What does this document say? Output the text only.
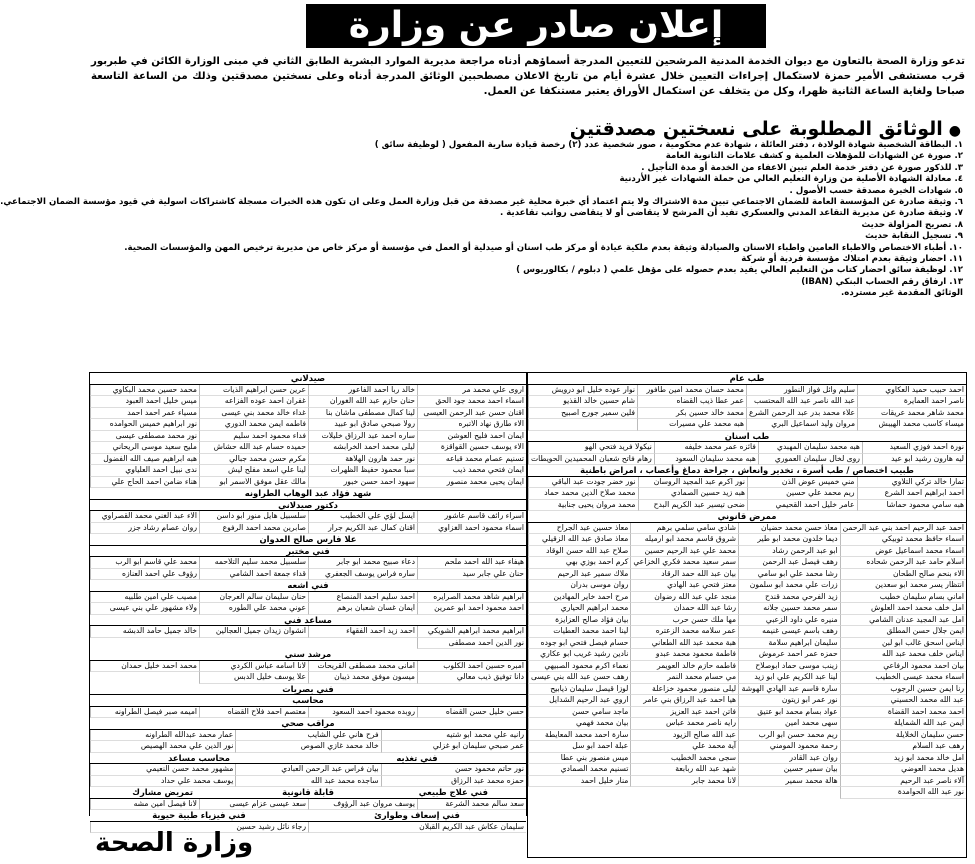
إعلان صادر عن وزارة الصحة

تدعو وزارة الصحة بالتعاون مع ديوان الخدمة المدنية المرشحين للتعيين المدرجة أسماؤهم أدناه مراجعة مديرية الموارد البشرية الطابق الثاني في مبنى الوزارة الكائن في طبربور قرب مستشفى الأمير حمزة لاستكمال إجراءات التعيين خلال عشرة أيام من تاريخ الاعلان مصطحبين الوثائق المدرجة أدناه وعلى نسختين مصدقتين وذلك من الساعة التاسعة صباحا ولغاية الساعة الثانية ظهرا، وكل من يتخلف عن استكمال الأوراق يعتبر مستنكفا عن العمل.

●الوثائق المطلوبة على نسختين مصدقتين
١. البطاقة الشخصية شهادة الولادة ، دفتر العائلة ، شهادة عدم محكومية ، صور شخصية عدد (٢) رخصة قيادة سارية المفعول ( لوظيفة سائق )
٢. صورة عن الشهادات للمؤهلات العلمية و كشف علامات الثانوية العامة
٣. للذكور صورة عن دفتر خدمة العلم تبين الاعفاء من الخدمة أو مدة التأجيل .
٤. معادلة الشهادة الأصلية من وزارة التعليم العالي من حملة الشهادات غير الأردنية
٥. شهادات الخبرة مصدقة حسب الأصول .
٦. وثيقة صادرة عن المؤسسة العامة للضمان الاجتماعي تبين مدة الاشتراك ولا يتم اعتماد أي خبرة محلية غير مصدقة من قبل وزارة العمل وعلى ان تكون هذه الخبرات مسجلة كاشتراكات اسولية في قيود مؤسسة الضمان الاجتماعي.
٧. وثيقة صادرة عن مديرية التقاعد المدني والعسكري تفيد أن المرشح لا يتقاضى أو لا يتقاضى رواتب تقاعدية .
٨. تصريح المزاولة حديث
٩. تسجيل النقابة حديث
١٠. أطباء الاختصاص والاطباء العامين واطباء الاسنان والصيادلة وثيقة بعدم ملكية عيادة أو مركز طب اسنان أو صيدلية أو العمل في مؤسسة أو مركز خاص من مديرية ترخيص المهن والمؤسسات الصحية.
١١. احضار وثيقة بعدم امتلاك مؤسسة فردية أو شركة
١٢. لوظيفة سائق احضار كتاب من التعليم العالي يفيد بعدم حصوله على مؤهل علمي ( دبلوم / بكالوريوس )
١٣. ارفاق رقم الحساب البنكي (IBAN)
الوثائق المقدمة غير مسترده.
طب عام
احمد حبيب حميد العكاوي
سليم وائل فواز النطور
محمد حسان محمد امين طافور
نوار عوده خليل ابو درويش
ناصر احمد العمايرة
عبد الله ناصر عبد الله المحتسب
عمر عطا ذيب القضاه
شام حسين خالد القذيو
محمد شاهر محمد عريقات
علاء محمد بدر عبد الرحمن الشرع
محمد خالد حسين بكر
فلين سمير جورج اصبيح
ميساء كاسب محمد الهيبش
مروان وليد اسماعيل البري
هبه محمد علي مسيرات
طب اسنان
نورة احمد فوزي السعيد
هبه محمد سليمان المهبدي
فائزه عمر محمد خليفه
نيكولا فريد فتحي الهو
ليه هارون رشيد ابو عيد
روى لخال سليمان العموري
هبه محمد سليمان السعود
رهام فاتح شعبان المحميدين الحويطات
طبيب اختصاص / طب أسرة ، تخدير وانعاش ، جراحة دماغ وأعصاب ، امراض باطنية
تمارا خالد تركي التلاوي
مني خميس عوض الذن
نور اكرم عبد المجيد الروسان
نور خضر جودت عبد الباقي
احمد ابراهيم احمد الشرع
ريم محمد علي حسين
هبه زيد حسين الصمادي
محمد صلاح الدين محمد حماد
هبه سامي محمود حماشا
عامر خليل احمد القحيمي
ضحى تيسير عبد الكريم البدح
محمد مروان يحيى جنابية
ممرض قانوني
احمد عبد الرحيم احمد بني عبد الرحمن
معاذ حسن محمد حضيان
شادي سامي سلمي برهم
معاذ حسين عبد الجراح
اسماء حافظ محمد ثوبيكي
ديما خلدون محمد ابو طير
شروق قاسم محمد ابو ارميله
معاذ صادق عبد الله الزقيلي
اسماء محمد اسماعيل عوض
ابو عبد الرحمن رشاد
محمد علي عبد الرحيم حسين
صلاح عبد الله حسن الوقاد
اسلام حامد عبد الرحمن شحاده
رهف فيصل عبد الرحمن
سمر سعيد محمد فكري الخزاعي
كرم احمد بوزي بهي
الاء بنحم صالح الطحان
رشا محمد علي ابو سامي
بيان عبد الله حمد الرقاد
ملاك سمير عبد الرحيم
انتظار يسر محمد ابو سعدين
زرات علي محمد ابو سلمون
معتز فتحي عبد الهادي
روان موسى بدران
اماني بسام سليمان خطيب
زيد الفرحي محمد قندح
منجد علي عبد الله رضوان
مرح احمد خاير المهادين
امل خلف محمد احمد العلوش
سمر محمد حسين جلانه
رشا عبد الله حمدان
محمد ابراهيم الحياري
امل عبد المجيد عدنان الشامي
منيره علي داود الزعبي
مها ملك حسن حرب
بيان فؤاد صالح العزايزة
ايمن جلال حسن المطلق
رهف باسم عيسى غنيمه
عمر سلامه محمد الزعتره
لينا احمد محمد العطيات
ايناس اسحق غالب ابو لبن
سليمان ابراهيم سلامة
هبة محمد عبد الله الطعاني
حسام فيصل فتحي ابو جوده
ايناس خلف محمد عبد الله
حمزه عمر احمد عرموش
فاطمة محمود محمد عبدو
نادين رشيد غريب ابو عكاري
بيان احمد محمود الرفاعي
زينب موسى حماد ابوصلاح
فاطمه حازم خالد العويمر
نعماء اكرم محمود الصبيهي
اسماء محمد عيسى الخطيب
لينا عبد الكريم علي ابو زيد
مي حسام محمد النمر
رهف حسن عبد الله بني عيسى
رنا ايمن حسين الرجوب
سارة قاسم عبد الهادي الهوشة
ليلى منصور محمود خزاعلة
لوزا قيصل سليمان ذيابيح
عبد الله محمد الحسيني
نور عمر ابو زيتون
هيا احمد عبد الرزاق بني عامر
اروي عبد الرحيم الشدايل
احمد محمد احمد القضاة
عواد بسام محمد ابو عتيق
فاتن احمد عبد العزيز
ماجد سامي حسن
ايمن عبد الله الشمايلة
سهى محمد امين
رايه ناصر محمد عباس
بيان محمد فهمي
حسن سليمان الخلايلة
ريم محمد حسن ابو الرب
عبد الله صالح الزيود
سارة احمد محمد المعايطة
رهف عبد السلام
رحمة محمود المومني
آية محمد علي
عبلة احمد ابو سل
امل خالد محمد ابو زيد
روان عبد القادر
سجى محمد الخطيب
ميس منصور بني عطا
هديل محمد العوضي
بيان سمير حسين
شهد عبد الله ربابعة
تسنيم محمد الصمادي
آلاء ناصر عبد الرحيم
هالة محمد سمير
لانا محمد جابر
منار خليل احمد
نور عبد الله الحوامدة
صيدلاني
اروى علي محمد مر
خالد ربا احمد الفاعور
عرين حسن ابراهيم الذيات
محمد حسين محمد البكاوي
اسماء احمد محمد جود الحق
حنان حازم عبد الله الغوران
غفران احمد عوده الفزاعه
ميس خليل احمد العبود
اقنان حسن عبد الرحمن العيسى
لينا كمال مصطفى ماشان بنا
غداء خالد محمد بني عيسى
مسياء عمر احمد احمد
الاء طارق نهاد الاتبره
رولا صبحي صادق ابو عبيد
فاطمه ايمن محمد الدوري
نور ابراهيم خميس الحوامده
ايمان احمد فليح العوشن
ساره احمد عبد الرزاق خليلات
فداء محمود احمد سليم
نور محمد مصطفى عيسى
الاء يوسف حسين القواقزة
ليلى محمد احمد الخرابشه
حميده حسام عبد الله حشاش
مليح سعيد موسى الريحاني
تسنيم عصام محمد قباعه
نور حمد هارون الهلاهة
مكرم حسن محمد جبالي
هبه ابراهيم صيف الله الفضول
ايمان فتحي محمد ذيب
سبا محمود حفيظ الظهرات
لينا علي اسعد مفلح ليش
ندى نبيل احمد العلياوي
ايمان يحيى محمد منصور
سهود احمد حسن خبور
مالك عقل موفق الاسمر ابو
هناء ضامن احمد الحاج علي
شهد فؤاد عبد الوهاب الطراونه
دكتور صيدلاني
اسراء رائف قاسم عاشور
ايسل لؤي علي الخطيب
سلسبيل هايل منور ابو داسن
الاء عبد الغني محمد القصراوي
اسماء محمود احمد الغزاوي
اقنان كمال عبد الكريم جرار
صابرين محمد احمد الرفوع
روان عصام رشاد جزر
علا فارس صالح العدوان
فني مختبر
هيفاء عبد الله احمد ملحم
دعاء صبيح محمد ابو جابر
سلسبيل محمد سليم التلاحمه
محمد علي قاسم ابو الرب
حنان علي جابر سيد
ساره فراس يوسف الجعفري
قداء جمعة احمد الشامي
رؤوف علي احمد العنازه
فني اشعه
ابراهيم شاهد محمد الصرايره
احمد سليم احمد المنصاع
حنان سليمان سالم العرجان
مصيب علي امين طلبيه
احمد محمود احمد ابو عمرين
ايمان غسان شعبان برهم
عوني محمد علي الطوره
ولاء مشهور علي بني عيسى
مساعد فني
ابراهيم محمد ابراهيم الشويكي
احمد زيد احمد الفقهاء
انشوان زيدان جميل العجالين
خالد جميل حامد الدبشه
نور الدين احمد مصطفى
مرشد سني
امبره حسين احمد الكلوب
امانى محمد مصطفى القريحات
لانا اسامه عباس الكردي
محمد احمد خليل حمدان
دانا توفيق ذيب معالي
ميسون موفق محمد ذيبان
علا يوسف خليل الدبس
فني بصريات
محاسب
حسن خليل حسن القضاه
روبده محمود احمد السعود
معتصم احمد فلاح القضاه
اميمه صبر فيصل الطراونه
مراقب صحي
رانيه علي محمد ابو شتيه
فرح هاني علي الشايب
عمار محمد عبدالله الطراونه
عمر صبحي سليمان ابو غزلي
خالد محمد غازي الصوص
نور الدين علي محمد الهصيص
فني تغذيه
محاسب مساعد
نور حاتم محمود حسن
بيان فراس عبد الرحمن العبادي
مشهور محمد حسن النعيمي
حمزه محمد عبد الرزاق
ساجده محمد عبد الله
يوسف محمد علي حداد
فني علاج طبيعي
قابلة قانونية
تمريض مشارك
سعد سالم محمد الشرعة
يوسف مروان عبد الرؤوف
سعد عيسى عزام عيسى
لانا فيصل امين مشه
فني إسعاف وطوارئ
فني فيزياء طبية حيوية
سليمان عكاش عبد الكريم القبلان
رجاء نائل رشيد حسين
وزارة الصحة
